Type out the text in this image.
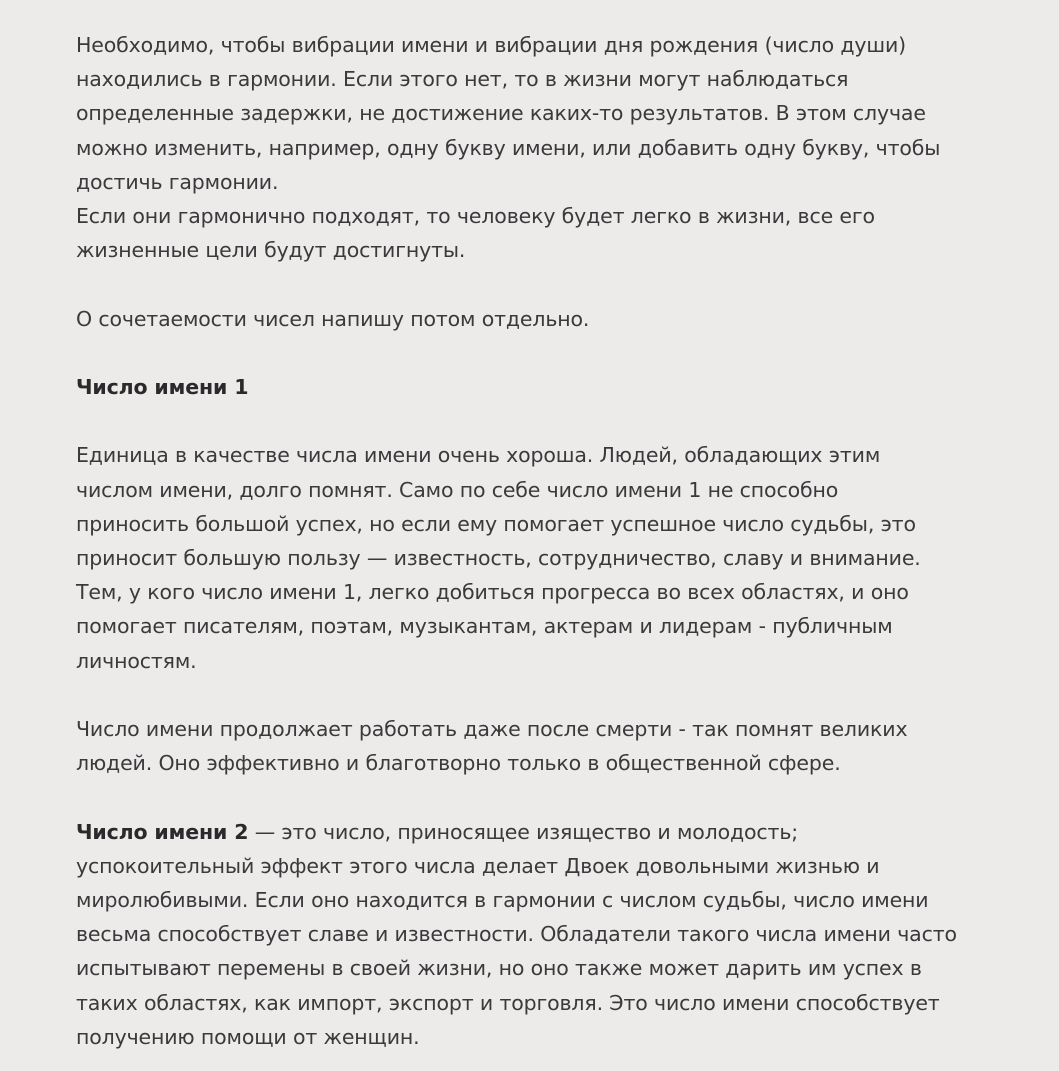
Необходимо, чтобы вибрации имени и вибрации дня рождения (число души)

находились в гармонии. Если этого нет, то в жизни могут наблюдаться

определенные задержки, не достижение каких-то результатов. В этом случае

можно изменить, например, одну букву имени, или добавить одну букву, чтобы

достичь гармонии.

Если они гармонично подходят, то человеку будет легко в жизни, все его

жизненные цели будут достигнуты.

О сочетаемости чисел напишу потом отдельно.

Число имени 1

Единица в качестве числа имени очень хороша. Людей, обладающих этим

числом имени, долго помнят. Само по себе число имени 1 не способно

приносить большой успех, но если ему помогает успешное число судьбы, это

приносит большую пользу — известность, сотрудничество, славу и внимание.

Тем, у кого число имени 1, легко добиться прогресса во всех областях, и оно

помогает писателям, поэтам, музыкантам, актерам и лидерам - публичным

личностям.

Число имени продолжает работать даже после смерти - так помнят великих

людей. Оно эффективно и благотворно только в общественной сфере.

Число имени 2 — это число, приносящее изящество и молодость;

успокоительный эффект этого числа делает Двоек довольными жизнью и

миролюбивыми. Если оно находится в гармонии с числом судьбы, число имени

весьма способствует славе и известности. Обладатели такого числа имени часто

испытывают перемены в своей жизни, но оно также может дарить им успех в

таких областях, как импорт, экспорт и торговля. Это число имени способствует

получению помощи от женщин.
